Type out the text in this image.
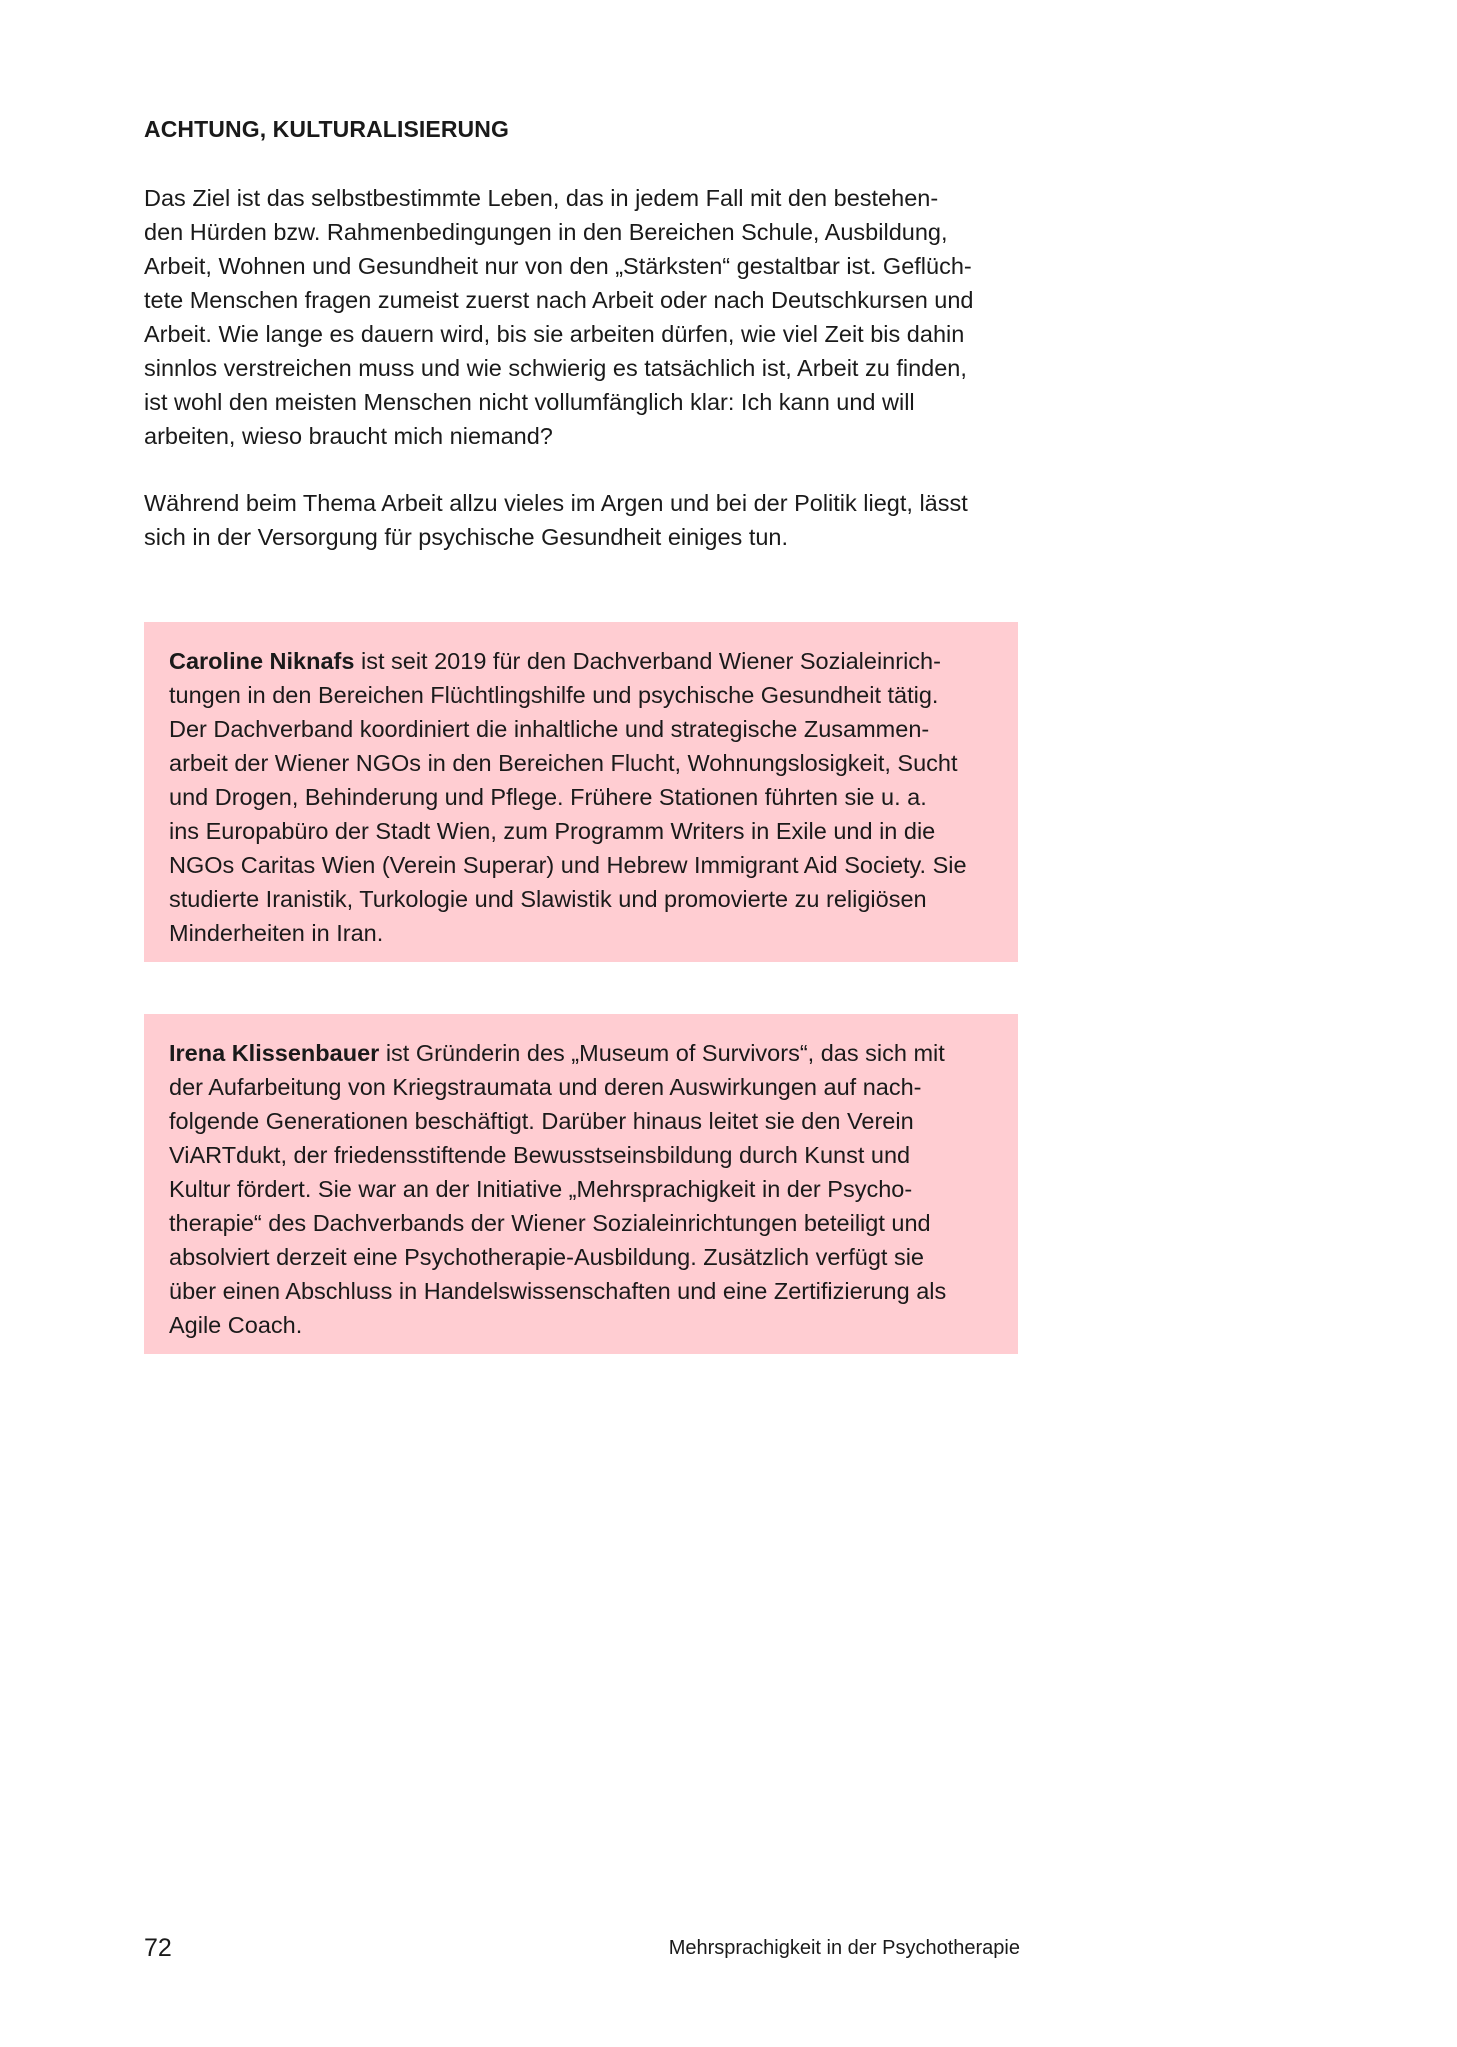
ACHTUNG, KULTURALISIERUNG

Das Ziel ist das selbstbestimmte Leben, das in jedem Fall mit den bestehen-
den Hürden bzw. Rahmenbedingungen in den Bereichen Schule, Ausbildung,
Arbeit, Wohnen und Gesundheit nur von den „Stärksten“ gestaltbar ist. Geflüch-
tete Menschen fragen zumeist zuerst nach Arbeit oder nach Deutschkursen und
Arbeit. Wie lange es dauern wird, bis sie arbeiten dürfen, wie viel Zeit bis dahin
sinnlos verstreichen muss und wie schwierig es tatsächlich ist, Arbeit zu finden,
ist wohl den meisten Menschen nicht vollumfänglich klar: Ich kann und will
arbeiten, wieso braucht mich niemand?

Während beim Thema Arbeit allzu vieles im Argen und bei der Politik liegt, lässt
sich in der Versorgung für psychische Gesundheit einiges tun.

Caroline Niknafs ist seit 2019 für den Dachverband Wiener Sozialeinrich-
tungen in den Bereichen Flüchtlingshilfe und psychische Gesundheit tätig.
Der Dachverband koordiniert die inhaltliche und strategische Zusammen-
arbeit der Wiener NGOs in den Bereichen Flucht, Wohnungslosigkeit, Sucht
und Drogen, Behinderung und Pflege. Frühere Stationen führten sie u. a.
ins Europabüro der Stadt Wien, zum Programm Writers in Exile und in die
NGOs Caritas Wien (Verein Superar) und Hebrew Immigrant Aid Society. Sie
studierte Iranistik, Turkologie und Slawistik und promovierte zu religiösen
Minderheiten in Iran.
Irena Klissenbauer ist Gründerin des „Museum of Survivors“, das sich mit
der Aufarbeitung von Kriegstraumata und deren Auswirkungen auf nach-
folgende Generationen beschäftigt. Darüber hinaus leitet sie den Verein
ViARTdukt, der friedensstiftende Bewusstseinsbildung durch Kunst und
Kultur fördert. Sie war an der Initiative „Mehrsprachigkeit in der Psycho-
therapie“ des Dachverbands der Wiener Sozialeinrichtungen beteiligt und
absolviert derzeit eine Psychotherapie-Ausbildung. Zusätzlich verfügt sie
über einen Abschluss in Handelswissenschaften und eine Zertifizierung als
Agile Coach.
72	Mehrsprachigkeit in der Psychotherapie
